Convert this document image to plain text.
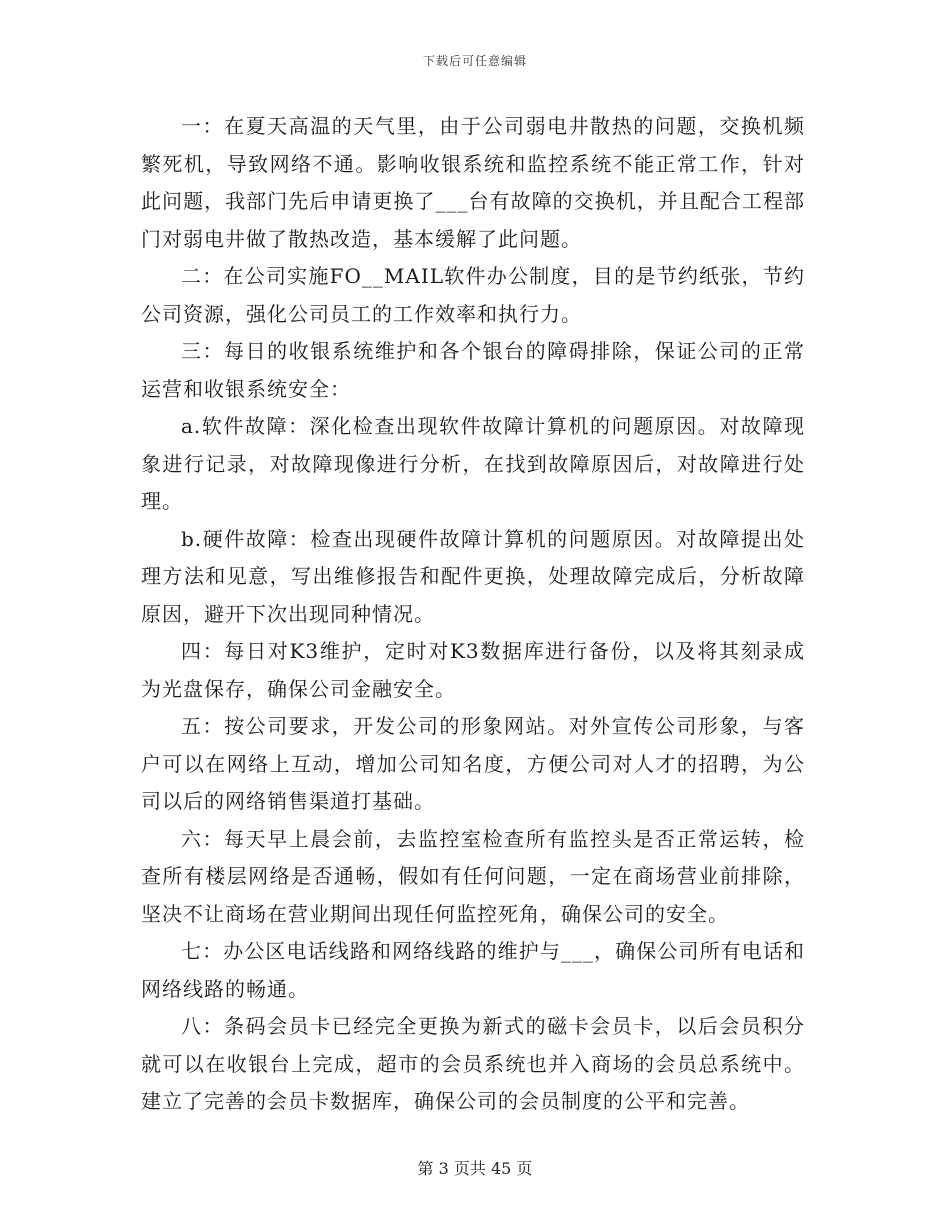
下载后可任意编辑

一：在夏天高温的天气里，由于公司弱电井散热的问题，交换机频繁死机，导致网络不通。影响收银系统和监控系统不能正常工作，针对此问题，我部门先后申请更换了___台有故障的交换机，并且配合工程部门对弱电井做了散热改造，基本缓解了此问题。

二：在公司实施FO__MAIL软件办公制度，目的是节约纸张，节约公司资源，强化公司员工的工作效率和执行力。

三：每日的收银系统维护和各个银台的障碍排除，保证公司的正常运营和收银系统安全：

a.软件故障：深化检查出现软件故障计算机的问题原因。对故障现象进行记录，对故障现像进行分析，在找到故障原因后，对故障进行处理。

b.硬件故障：检查出现硬件故障计算机的问题原因。对故障提出处理方法和见意，写出维修报告和配件更换，处理故障完成后，分析故障原因，避开下次出现同种情况。

四：每日对K3维护，定时对K3数据库进行备份，以及将其刻录成为光盘保存，确保公司金融安全。

五：按公司要求，开发公司的形象网站。对外宣传公司形象，与客户可以在网络上互动，增加公司知名度，方便公司对人才的招聘，为公司以后的网络销售渠道打基础。

六：每天早上晨会前，去监控室检查所有监控头是否正常运转，检查所有楼层网络是否通畅，假如有任何问题，一定在商场营业前排除，坚决不让商场在营业期间出现任何监控死角，确保公司的安全。

七：办公区电话线路和网络线路的维护与___，确保公司所有电话和网络线路的畅通。

八：条码会员卡已经完全更换为新式的磁卡会员卡，以后会员积分就可以在收银台上完成，超市的会员系统也并入商场的会员总系统中。建立了完善的会员卡数据库，确保公司的会员制度的公平和完善。

第 3 页共 45 页
